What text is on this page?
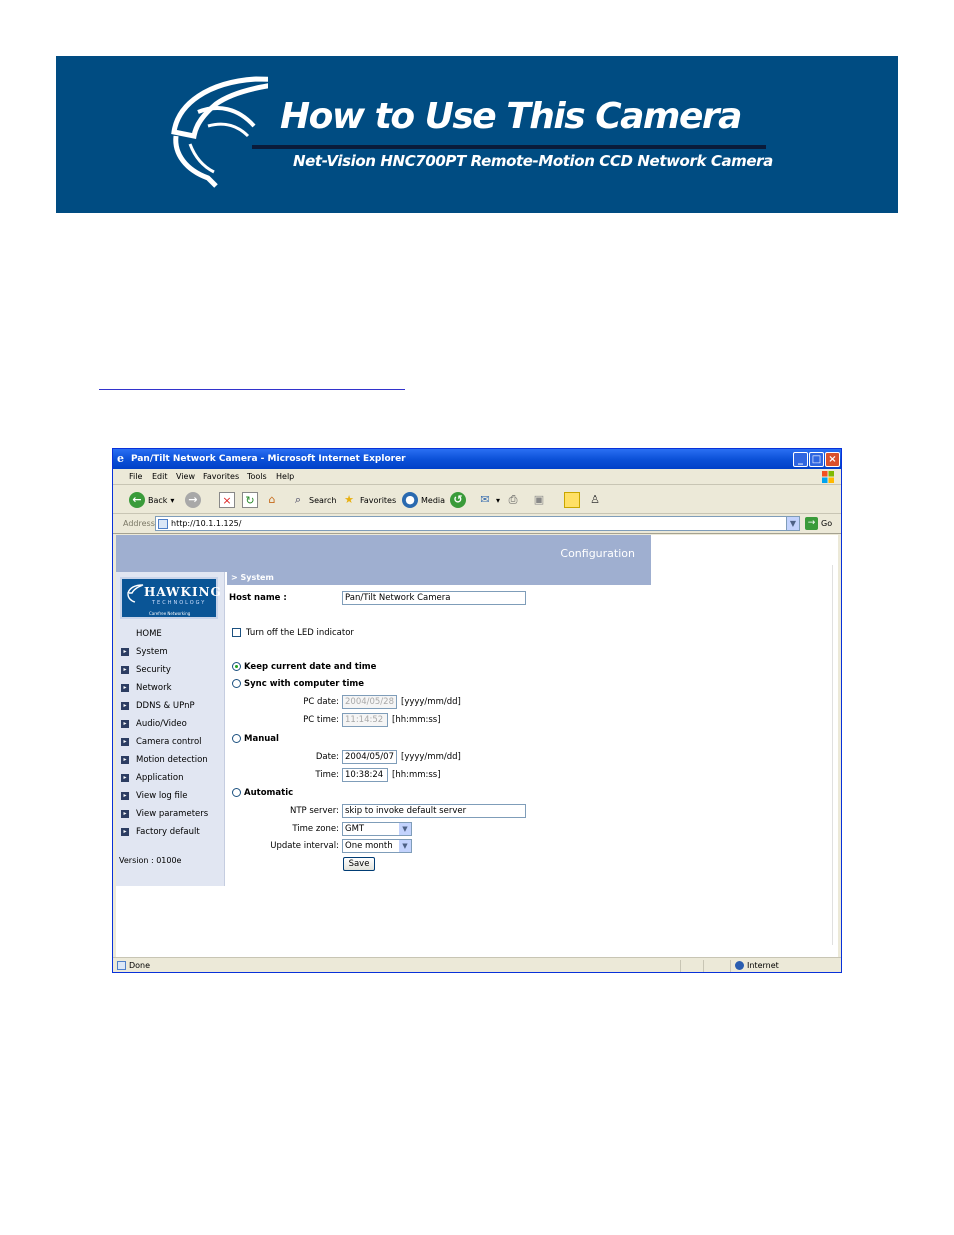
How to Use This Camera
Net-Vision HNC700PT Remote-Motion CCD Network Camera
e Pan/Tilt Network Camera - Microsoft Internet Explorer	_ □ ×
File Edit View Favorites Tools Help
← Back ▾	→	×	↻	⌂	⌕ Search ★ Favorites ● Media ↺	✉ ▾ ⎙	▣	♙
Address http://10.1.1.125/	▼	→ Go
Configuration
HAWKING
TECHNOLOGY
Carefree Networking
HOME
▸ System
▸ Security
▸ Network
▸ DDNS & UPnP
▸ Audio/Video
▸ Camera control
▸ Motion detection
▸ Application
▸ View log file
▸ View parameters
▸ Factory default
Version : 0100e
> System
Host name :	Pan/Tilt Network Camera
Turn off the LED indicator
Keep current date and time
Sync with computer time
PC date: 2004/05/28 [yyyy/mm/dd]
PC time: 11:14:52	[hh:mm:ss]
Manual
Date: 2004/05/07 [yyyy/mm/dd]
Time: 10:38:24	[hh:mm:ss]
Automatic
NTP server: skip to invoke default server
Time zone: GMT	▼
Update interval: One month	▼
Save
Done	Internet
